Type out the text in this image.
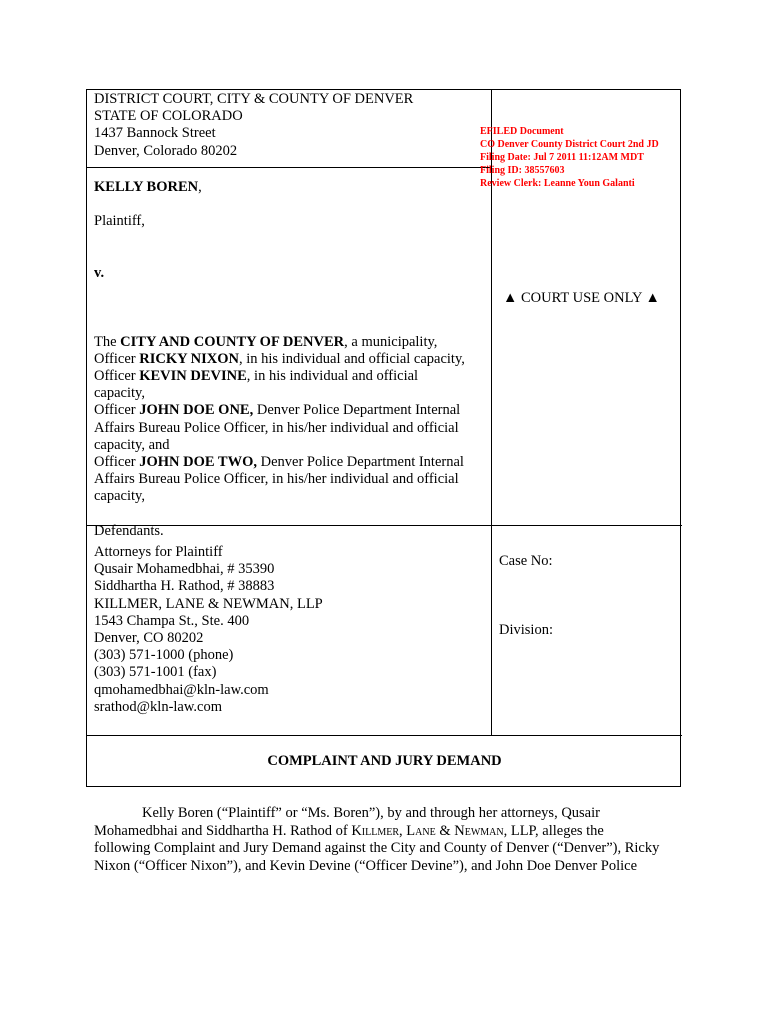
DISTRICT COURT, CITY & COUNTY OF DENVER
STATE OF COLORADO
1437 Bannock Street
Denver, Colorado 80202
KELLY BOREN,
Plaintiff,
v.
The CITY AND COUNTY OF DENVER, a municipality,
Officer RICKY NIXON, in his individual and official capacity,
Officer KEVIN DEVINE, in his individual and official
capacity,
Officer JOHN DOE ONE, Denver Police Department Internal
Affairs Bureau Police Officer, in his/her individual and official
capacity, and
Officer JOHN DOE TWO, Denver Police Department Internal
Affairs Bureau Police Officer, in his/her individual and official
capacity,
Defendants.
Attorneys for Plaintiff
Qusair Mohamedbhai, # 35390
Siddhartha H. Rathod, # 38883
KILLMER, LANE & NEWMAN, LLP
1543 Champa St., Ste. 400
Denver, CO 80202
(303) 571-1000 (phone)
(303) 571-1001 (fax)
qmohamedbhai@kln-law.com
srathod@kln-law.com
Case No:
Division:
COMPLAINT AND JURY DEMAND
EFILED Document
CO Denver County District Court 2nd JD
Filing Date: Jul 7 2011 11:12AM MDT
Filing ID: 38557603
Review Clerk: Leanne Youn Galanti
▲ COURT USE ONLY ▲
Kelly Boren (“Plaintiff” or “Ms. Boren”), by and through her attorneys, Qusair
Mohamedbhai and Siddhartha H. Rathod of Killmer, Lane & Newman, LLP, alleges the
following Complaint and Jury Demand against the City and County of Denver (“Denver”), Ricky
Nixon (“Officer Nixon”), and Kevin Devine (“Officer Devine”), and John Doe Denver Police
